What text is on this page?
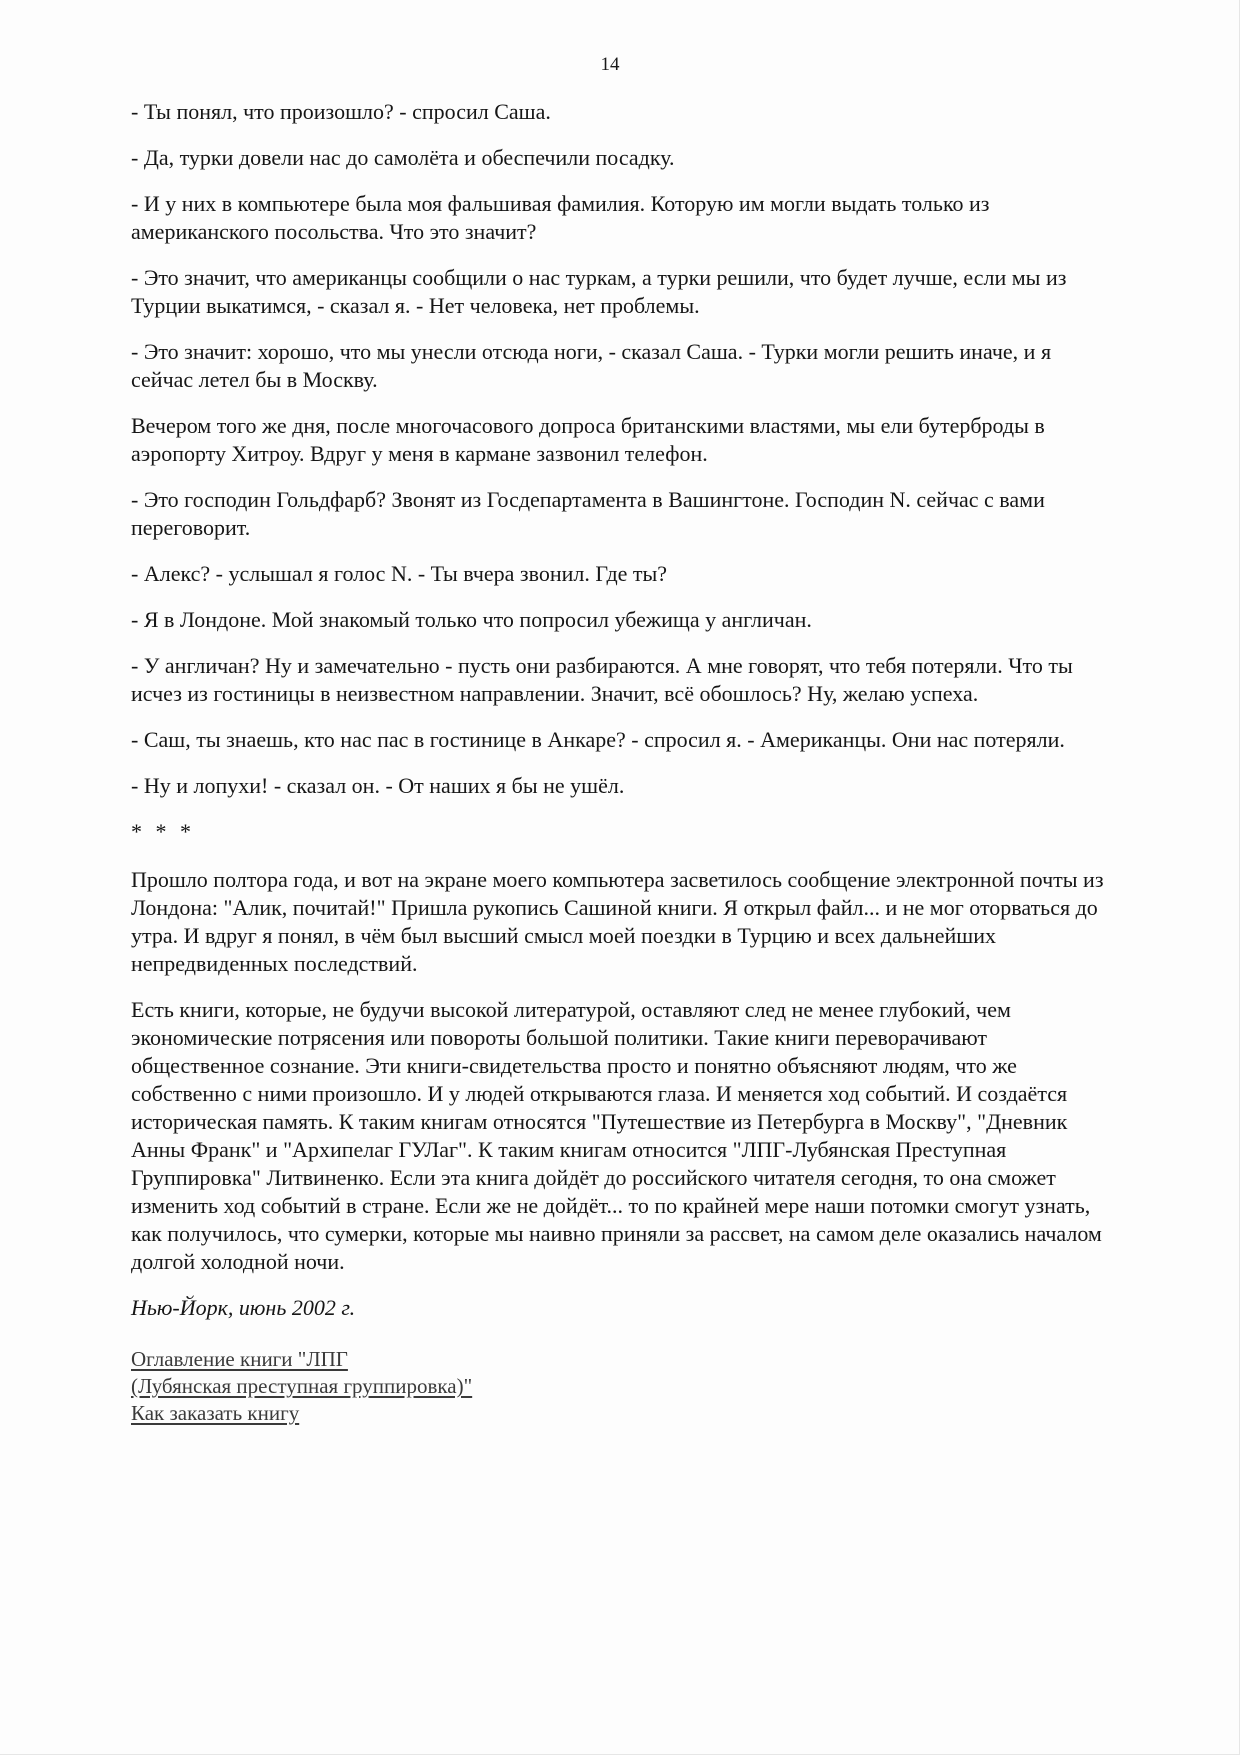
14

- Ты понял, что произошло? - спросил Саша.

- Да, турки довели нас до самолёта и обеспечили посадку.

- И у них в компьютере была моя фальшивая фамилия. Которую им могли выдать только из американского посольства. Что это значит?

- Это значит, что американцы сообщили о нас туркам, а турки решили, что будет лучше, если мы из Турции выкатимся, - сказал я. - Нет человека, нет проблемы.

- Это значит: хорошо, что мы унесли отсюда ноги, - сказал Саша. - Турки могли решить иначе, и я сейчас летел бы в Москву.

Вечером того же дня, после многочасового допроса британскими властями, мы ели бутерброды в аэропорту Хитроу. Вдруг у меня в кармане зазвонил телефон.

- Это господин Гольдфарб? Звонят из Госдепартамента в Вашингтоне. Господин N. сейчас с вами переговорит.

- Алекс? - услышал я голос N. - Ты вчера звонил. Где ты?

- Я в Лондоне. Мой знакомый только что попросил убежища у англичан.

- У англичан? Ну и замечательно - пусть они разбираются. А мне говорят, что тебя потеряли. Что ты исчез из гостиницы в неизвестном направлении. Значит, всё обошлось? Ну, желаю успеха.

- Саш, ты знаешь, кто нас пас в гостинице в Анкаре? - спросил я. - Американцы. Они нас потеряли.

- Ну и лопухи! - сказал он. - От наших я бы не ушёл.

* * *

Прошло полтора года, и вот на экране моего компьютера засветилось сообщение электронной почты из Лондона: "Алик, почитай!" Пришла рукопись Сашиной книги. Я открыл файл... и не мог оторваться до утра. И вдруг я понял, в чём был высший смысл моей поездки в Турцию и всех дальнейших непредвиденных последствий.

Есть книги, которые, не будучи высокой литературой, оставляют след не менее глубокий, чем экономические потрясения или повороты большой политики. Такие книги переворачивают общественное сознание. Эти книги-свидетельства просто и понятно объясняют людям, что же собственно с ними произошло. И у людей открываются глаза. И меняется ход событий. И создаётся историческая память. К таким книгам относятся "Путешествие из Петербурга в Москву", "Дневник Анны Франк" и "Архипелаг ГУЛаг". К таким книгам относится "ЛПГ-Лубянская Преступная Группировка" Литвиненко. Если эта книга дойдёт до российского читателя сегодня, то она сможет изменить ход событий в стране. Если же не дойдёт... то по крайней мере наши потомки смогут узнать, как получилось, что сумерки, которые мы наивно приняли за рассвет, на самом деле оказались началом долгой холодной ночи.

Нью-Йорк, июнь 2002 г.

Оглавление книги "ЛПГ
(Лубянская преступная группировка)"
Как заказать книгу
